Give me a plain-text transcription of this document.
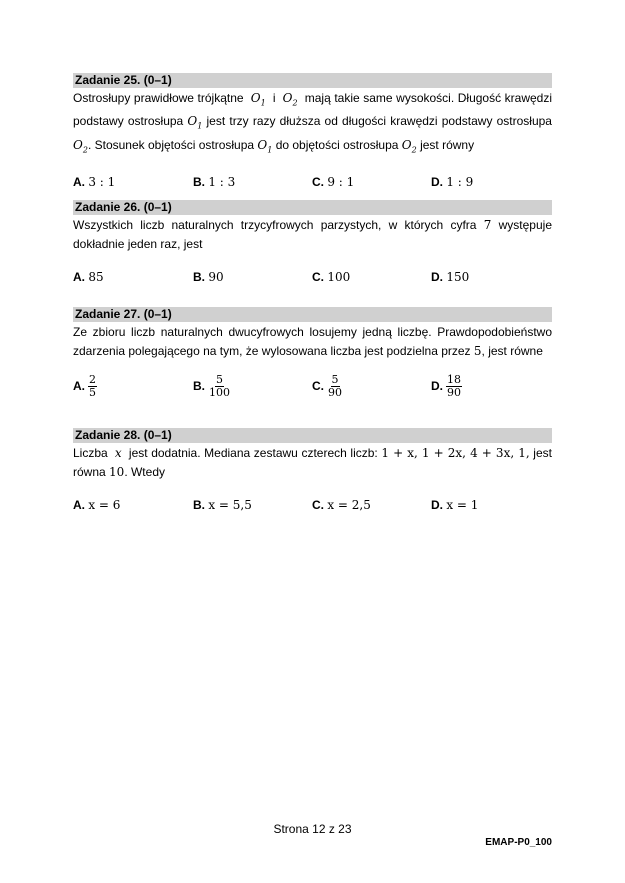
Zadanie 25. (0–1)
Ostrosłupy prawidłowe trójkątne $O_1$ i $O_2$ mają takie same wysokości. Długość krawędzi podstawy ostrosłupa $O_1$ jest trzy razy dłuższa od długości krawędzi podstawy ostrosłupa $O_2$. Stosunek objętości ostrosłupa $O_1$ do objętości ostrosłupa $O_2$ jest równy
A. 3 : 1	B. 1 : 3	C. 9 : 1	D. 1 : 9
Zadanie 26. (0–1)
Wszystkich liczb naturalnych trzycyfrowych parzystych, w których cyfra 7 występuje dokładnie jeden raz, jest
A. 85	B. 90	C. 100	D. 150
Zadanie 27. (0–1)
Ze zbioru liczb naturalnych dwucyfrowych losujemy jedną liczbę. Prawdopodobieństwo zdarzenia polegającego na tym, że wylosowana liczba jest podzielna przez 5, jest równe
A. $\frac{2}{5}$	B. $\frac{5}{100}$	C. $\frac{5}{90}$	D. $\frac{18}{90}$
Zadanie 28. (0–1)
Liczba x jest dodatnia. Mediana zestawu czterech liczb: 1 + x, 1 + 2x, 4 + 3x, 1, jest równa 10. Wtedy
A. x = 6	B. x = 5,5	C. x = 2,5	D. x = 1
Strona 12 z 23
EMAP-P0_100
